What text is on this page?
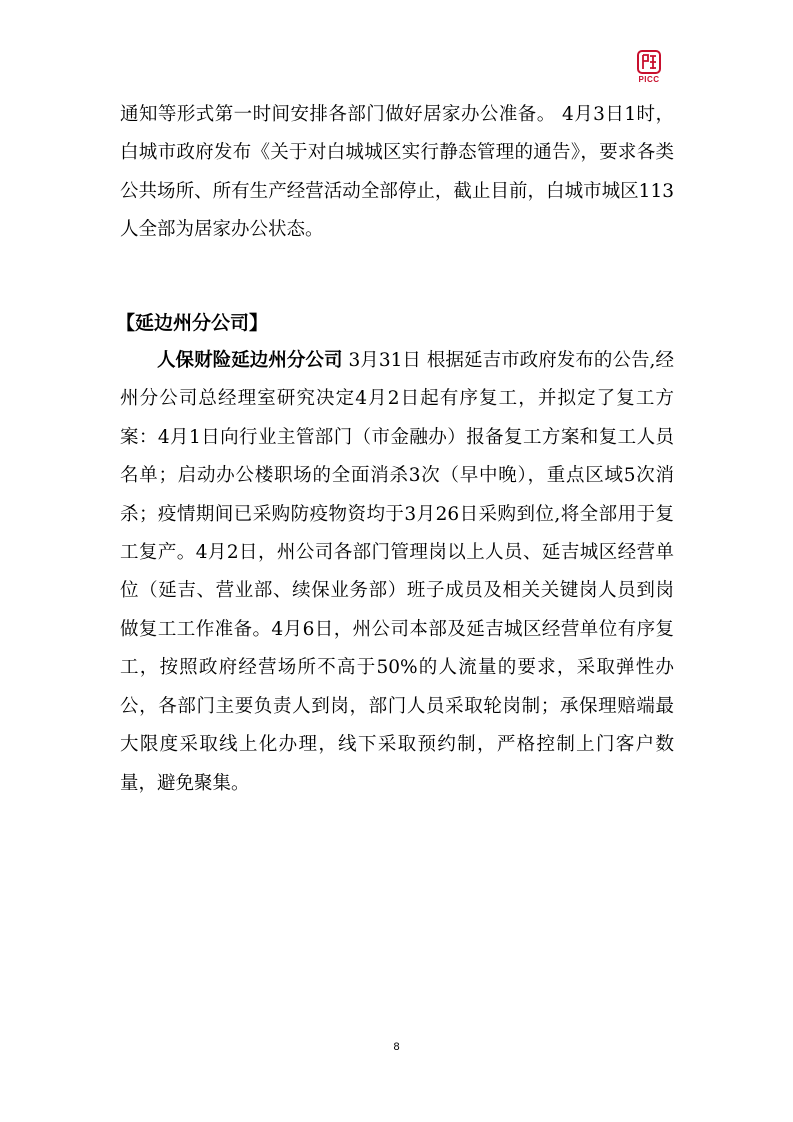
PICC

通知等形式第一时间安排各部门做好居家办公准备。 4月3日1时，白城市政府发布《关于对白城城区实行静态管理的通告》，要求各类公共场所、所有生产经营活动全部停止，截止目前，白城市城区113人全部为居家办公状态。

【延边州分公司】

人保财险延边州分公司 3月31日 根据延吉市政府发布的公告,经州分公司总经理室研究决定4月2日起有序复工，并拟定了复工方案：4月1日向行业主管部门（市金融办）报备复工方案和复工人员名单；启动办公楼职场的全面消杀3次（早中晚），重点区域5次消杀；疫情期间已采购防疫物资均于3月26日采购到位,将全部用于复工复产。4月2日，州公司各部门管理岗以上人员、延吉城区经营单位（延吉、营业部、续保业务部）班子成员及相关关键岗人员到岗做复工工作准备。4月6日，州公司本部及延吉城区经营单位有序复工，按照政府经营场所不高于50%的人流量的要求，采取弹性办公，各部门主要负责人到岗，部门人员采取轮岗制；承保理赔端最大限度采取线上化办理，线下采取预约制，严格控制上门客户数量，避免聚集。

8
